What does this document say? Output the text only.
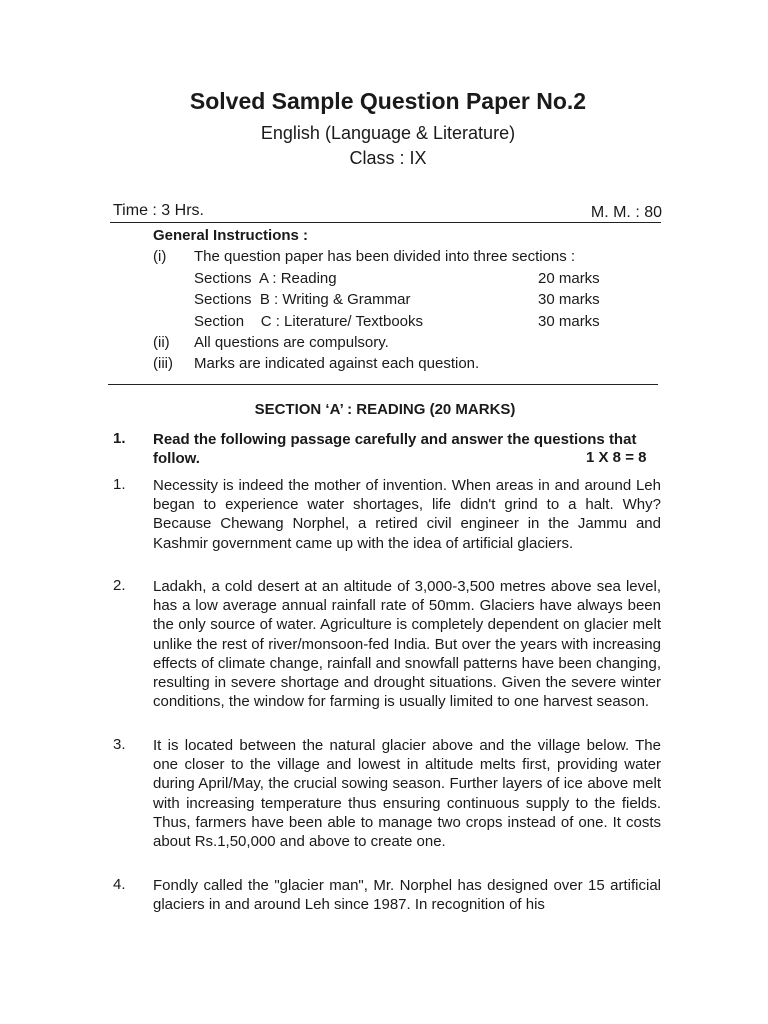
Solved Sample Question Paper No.2
English (Language & Literature)
Class : IX
Time : 3 Hrs.	M. M. : 80
General Instructions :
(i) The question paper has been divided into three sections :
Sections  A : Reading	20 marks
Sections  B : Writing & Grammar	30 marks
Section    C : Literature/ Textbooks	30 marks
(ii) All questions are compulsory.
(iii) Marks are indicated against each question.
SECTION ‘A’ : READING (20 MARKS)
1. Read the following passage carefully and answer the questions that follow.	1 X 8 = 8
1. Necessity is indeed the mother of invention. When areas in and around Leh began to experience water shortages, life didn't grind to a halt. Why? Because Chewang Norphel, a retired civil engineer in the Jammu and Kashmir government came up with the idea of artificial glaciers.
2. Ladakh, a cold desert at an altitude of 3,000-3,500 metres above sea level, has a low average annual rainfall rate of 50mm. Glaciers have always been the only source of water. Agriculture is completely dependent on glacier melt unlike the rest of river/monsoon-fed India. But over the years with increasing effects of climate change, rainfall and snowfall patterns have been changing, resulting in severe shortage and drought situations. Given the severe winter conditions, the window for farming is usually limited to one harvest season.
3. It is located between the natural glacier above and the village below. The one closer to the village and lowest in altitude melts first, providing water during April/May, the crucial sowing season. Further layers of ice above melt with increasing temperature thus ensuring continuous supply to the fields. Thus, farmers have been able to manage two crops instead of one. It costs about Rs.1,50,000 and above to create one.
4. Fondly called the "glacier man", Mr. Norphel has designed over 15 artificial glaciers in and around Leh since 1987. In recognition of his
